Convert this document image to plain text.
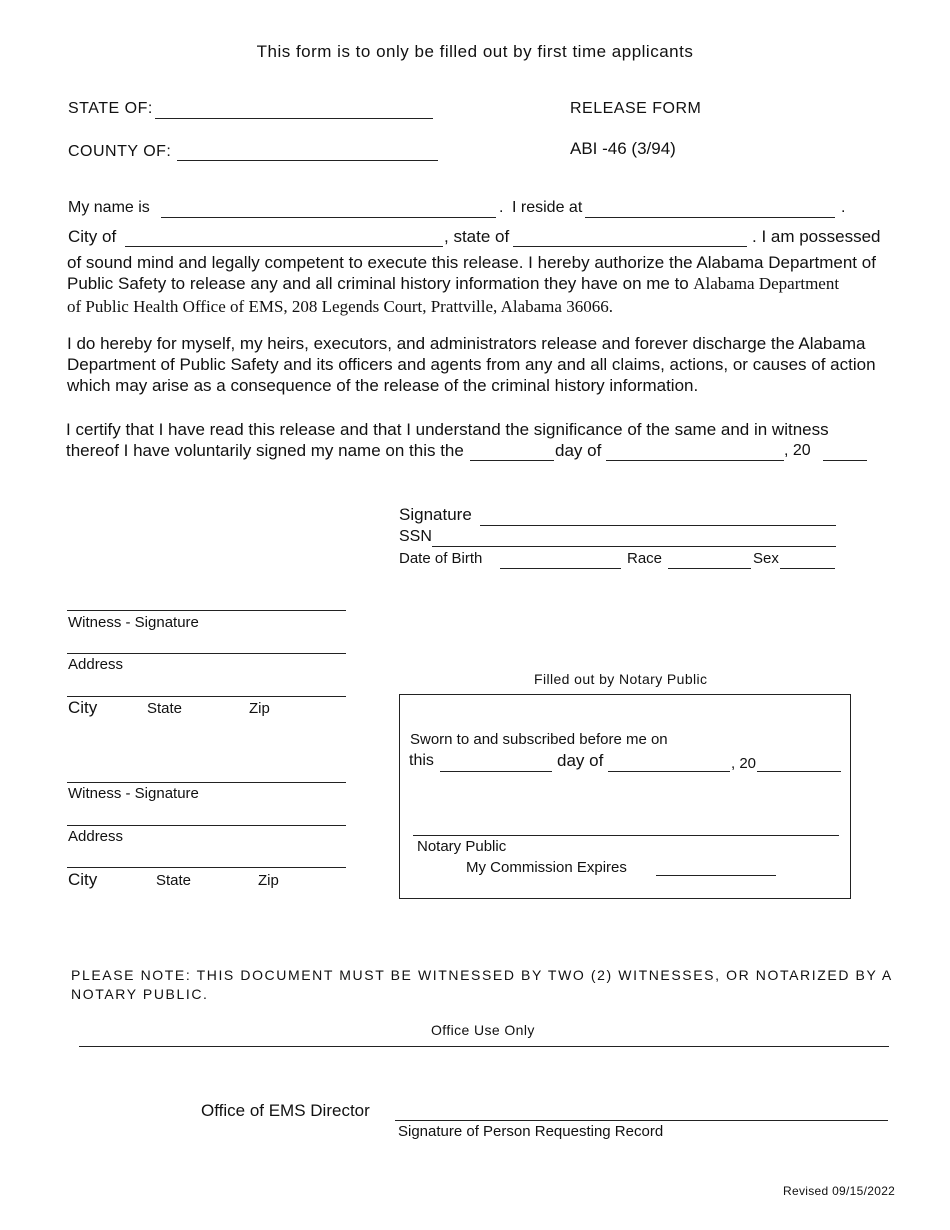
This form is to only be filled out by first time applicants
STATE OF:
COUNTY OF:
RELEASE FORM
ABI -46 (3/94)
My name is	. I reside at	.
City of	, state of	. I am possessed
of sound mind and legally competent to execute this release. I hereby authorize the Alabama Department of
Public Safety to release any and all criminal history information they have on me to Alabama Department
of Public Health Office of EMS, 208 Legends Court, Prattville, Alabama 36066.
I do hereby for myself, my heirs, executors, and administrators release and forever discharge the Alabama Department of Public Safety and its officers and agents from any and all claims, actions, or causes of action which may arise as a consequence of the release of the criminal history information.
I certify that I have read this release and that I understand the significance of the same and in witness
thereof I have voluntarily signed my name on this the	day of	, 20
Signature
SSN
Date of Birth	Race	Sex
Witness - Signature
Address
City	State	Zip
Witness - Signature
Address
City	State	Zip
Filled out by Notary Public
Sworn to and subscribed before me on
this	day of	, 20
Notary Public
My Commission Expires
PLEASE NOTE: THIS DOCUMENT MUST BE WITNESSED BY TWO (2) WITNESSES, OR NOTARIZED BY A
NOTARY PUBLIC.
Office Use Only
Office of EMS Director
Signature of Person Requesting Record
Revised 09/15/2022
